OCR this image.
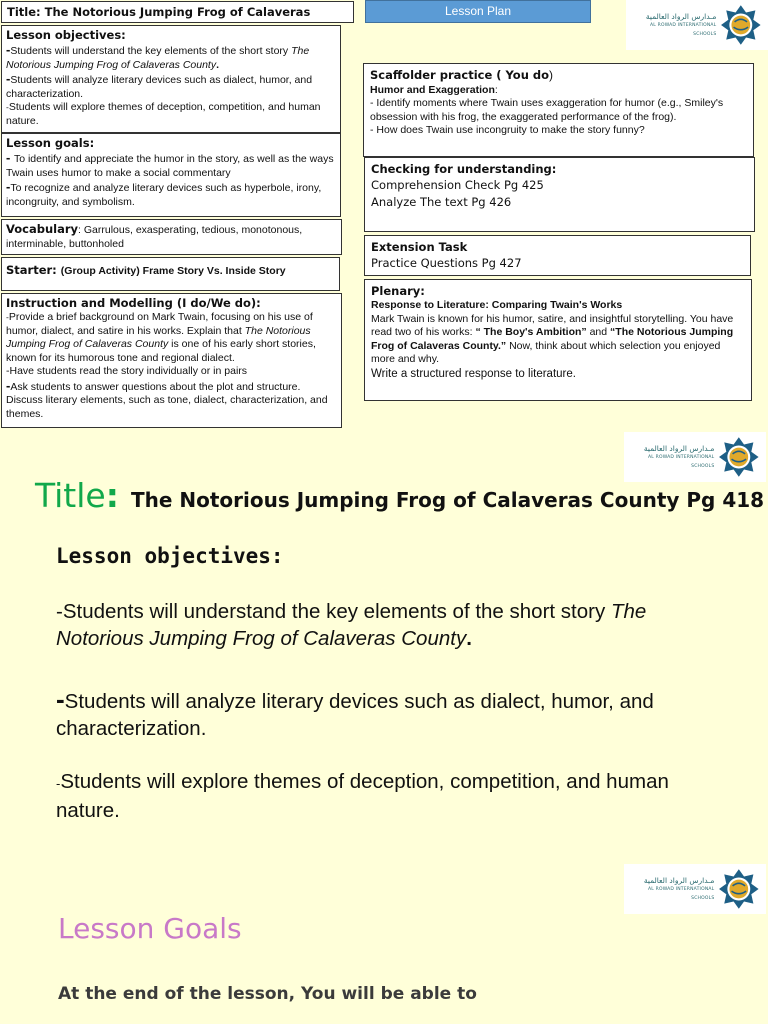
Title: The Notorious Jumping Frog of Calaveras	Lesson Plan	مـدارس الرواد العالمية
AL ROWAD INTERNATIONAL SCHOOLS
Lesson objectives:

-Students will understand the key elements of the short story The Notorious Jumping Frog of Calaveras County.

-Students will analyze literary devices such as dialect, humor, and characterization.

-Students will explore themes of deception, competition, and human nature.

Lesson goals:

- To identify and appreciate the humor in the story, as well as the ways Twain uses humor to make a social commentary

-To recognize and analyze literary devices such as hyperbole, irony, incongruity, and symbolism.

Vocabulary: Garrulous, exasperating, tedious, monotonous, interminable, buttonholed

Starter: (Group Activity) Frame Story Vs. Inside Story

Instruction and Modelling (I do/We do):

-Provide a brief background on Mark Twain, focusing on his use of humor, dialect, and satire in his works. Explain that The Notorious Jumping Frog of Calaveras County is one of his early short stories, known for its humorous tone and regional dialect.

-Have students read the story individually or in pairs

-Ask students to answer questions about the plot and structure. Discuss literary elements, such as tone, dialect, characterization, and themes.

Scaffolder practice ( You do)

Humor and Exaggeration:

- Identify moments where Twain uses exaggeration for humor (e.g., Smiley's obsession with his frog, the exaggerated performance of the frog).

- How does Twain use incongruity to make the story funny?

Checking for understanding:

Comprehension Check Pg 425

Analyze The text Pg 426

Extension Task

Practice Questions Pg 427

Plenary:

Response to Literature: Comparing Twain's Works

Mark Twain is known for his humor, satire, and insightful storytelling. You have read two of his works: “ The Boy's Ambition” and “The Notorious Jumping Frog of Calaveras County.” Now, think about which selection you enjoyed more and why.

Write a structured response to literature.

مـدارس الرواد العالمية
AL ROWAD INTERNATIONAL SCHOOLS
Title: The Notorious Jumping Frog of Calaveras County Pg 418
Lesson objectives:

-Students will understand the key elements of the short story The Notorious Jumping Frog of Calaveras County.

-Students will analyze literary devices such as dialect, humor, and characterization.

-Students will explore themes of deception, competition, and human nature.

مـدارس الرواد العالمية
AL ROWAD INTERNATIONAL SCHOOLS
Lesson Goals
At the end of the lesson, You will be able to
